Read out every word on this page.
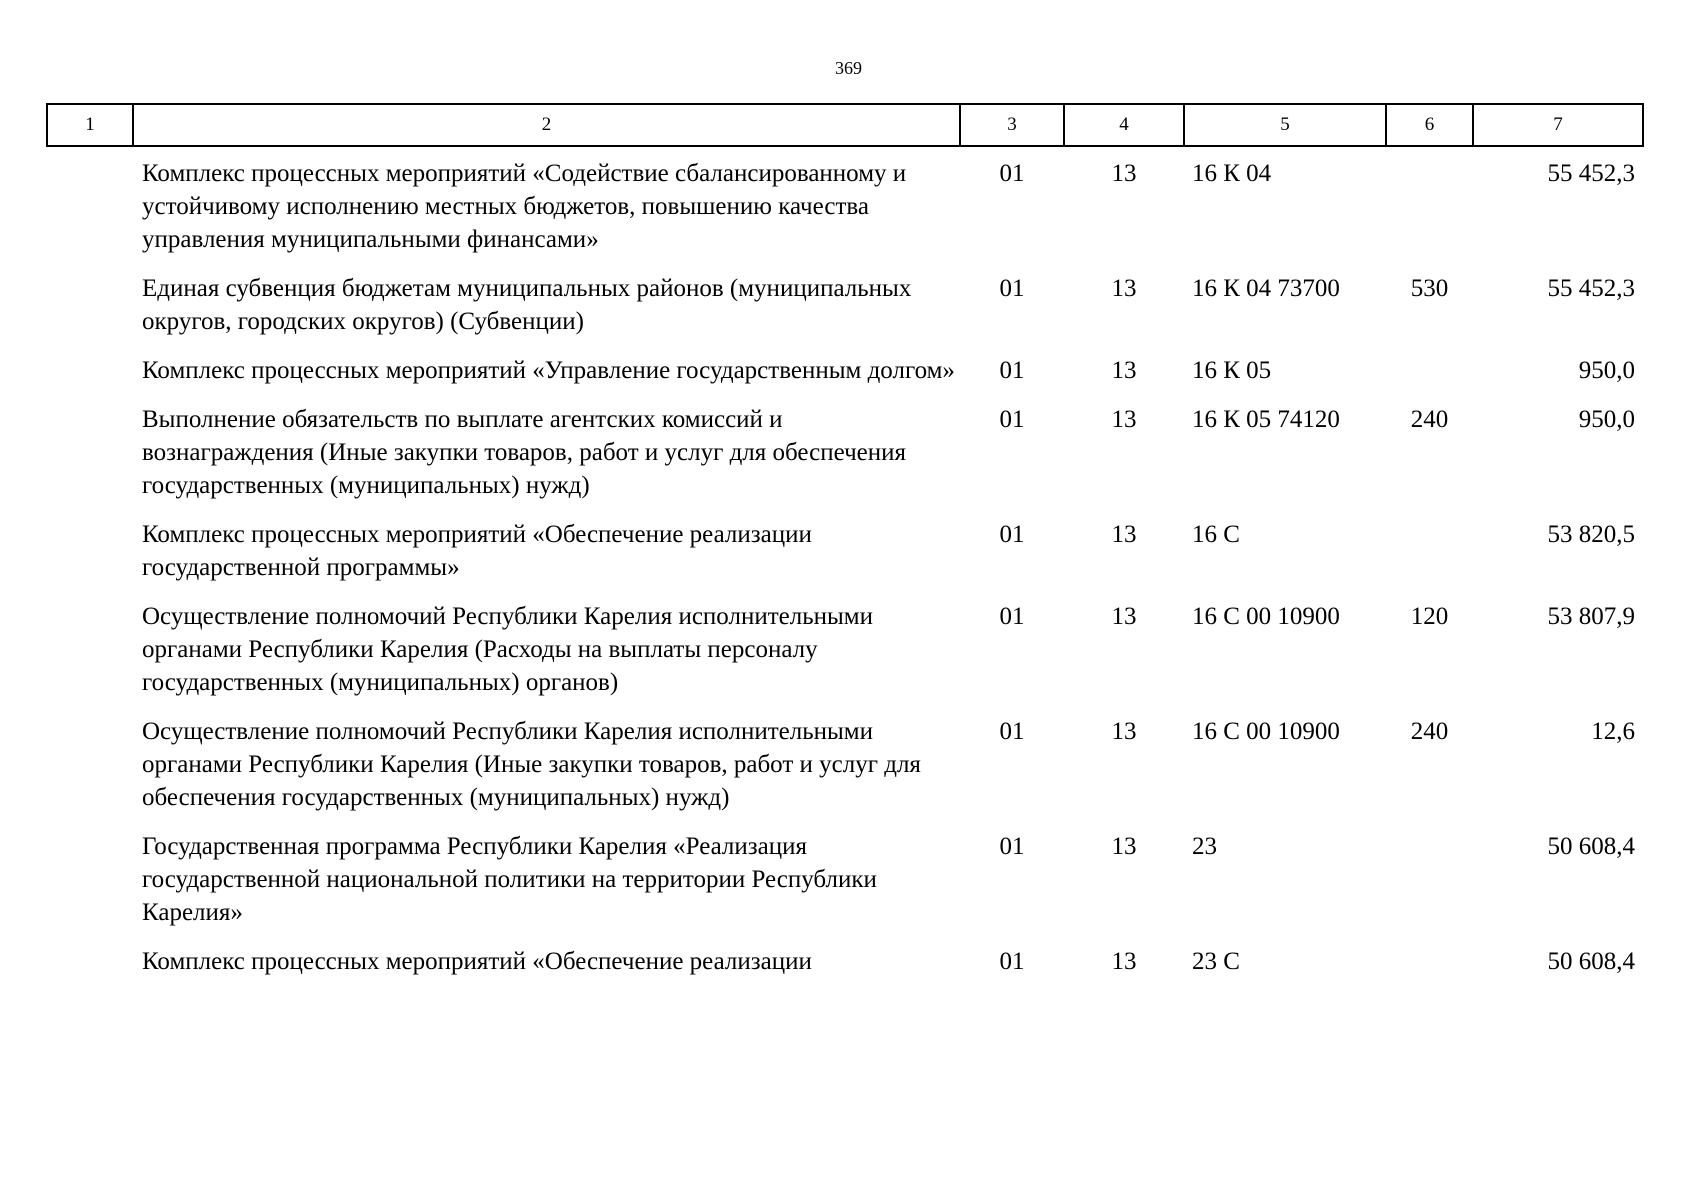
369
1	2	3	4	5	6	7
	Комплекс процессных мероприятий «Содействие сбалансированному и устойчивому исполнению местных бюджетов, повышению качества управления муниципальными финансами»	01	13	16 К 04		55 452,3
	Единая субвенция бюджетам муниципальных районов (муниципальных округов, городских округов) (Субвенции)	01	13	16 К 04 73700	530	55 452,3
	Комплекс процессных мероприятий «Управление государственным долгом»	01	13	16 К 05		950,0
	Выполнение обязательств по выплате агентских комиссий и вознаграждения (Иные закупки товаров, работ и услуг для обеспечения государственных (муниципальных) нужд)	01	13	16 К 05 74120	240	950,0
	Комплекс процессных мероприятий «Обеспечение реализации государственной программы»	01	13	16 С		53 820,5
	Осуществление полномочий Республики Карелия исполнительными органами Республики Карелия (Расходы на выплаты персоналу государственных (муниципальных) органов)	01	13	16 С 00 10900	120	53 807,9
	Осуществление полномочий Республики Карелия исполнительными органами Республики Карелия (Иные закупки товаров, работ и услуг для обеспечения государственных (муниципальных) нужд)	01	13	16 С 00 10900	240	12,6
	Государственная программа Республики Карелия «Реализация государственной национальной политики на территории Республики Карелия»	01	13	23		50 608,4
	Комплекс процессных мероприятий «Обеспечение реализации	01	13	23 С		50 608,4
